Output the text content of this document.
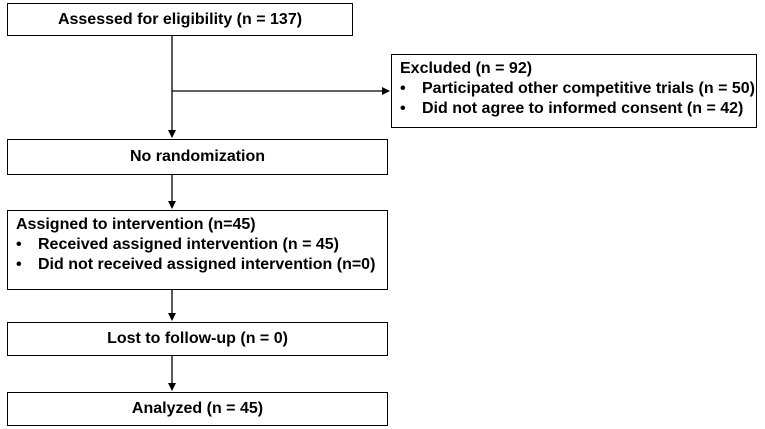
Assessed for eligibility (n = 137)
Excluded (n = 92)
• Participated other competitive trials (n = 50)
• Did not agree to informed consent (n = 42)
No randomization
Assigned to intervention (n=45)
• Received assigned intervention (n = 45)
• Did not received assigned intervention (n=0)
Lost to follow-up (n = 0)
Analyzed (n = 45)
